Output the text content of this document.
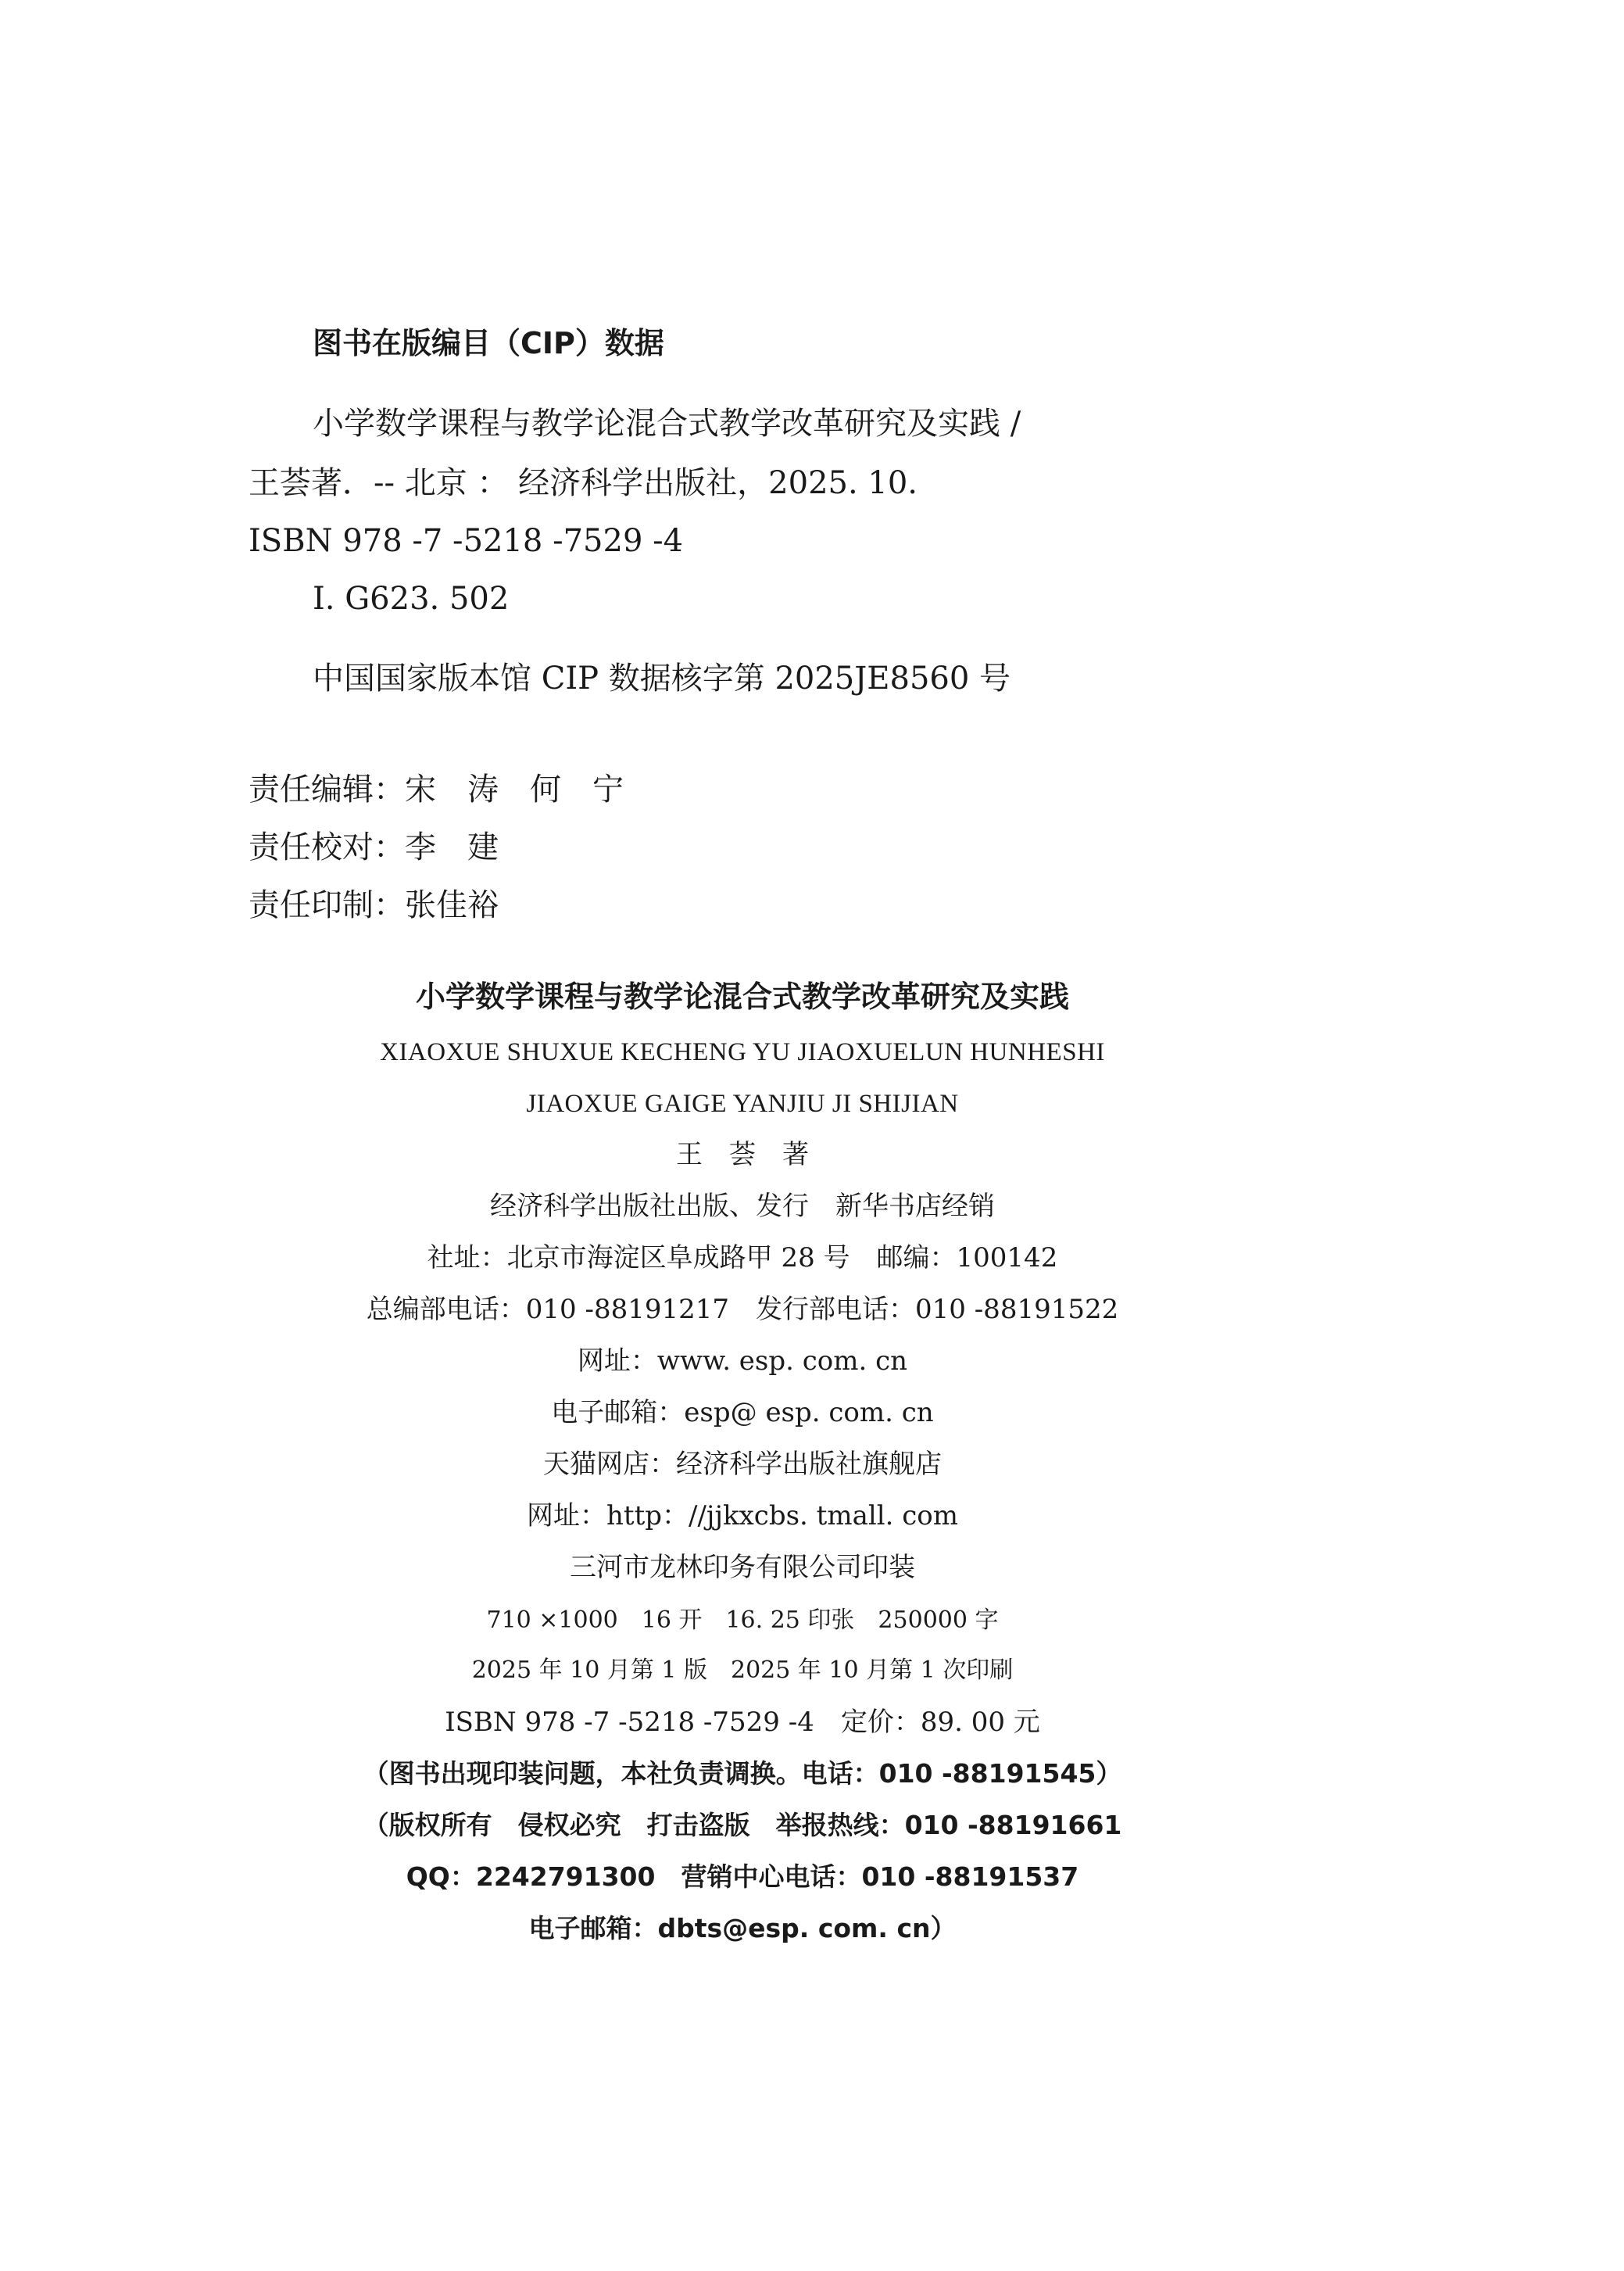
图书在版编目（CIP）数据
小学数学课程与教学论混合式教学改革研究及实践 /
王荟著．-- 北京 ： 经济科学出版社，2025. 10.
ISBN 978 -7 -5218 -7529 -4
Ⅰ. G623. 502
中国国家版本馆 CIP 数据核字第 2025JE8560 号
责任编辑：宋　涛　何　宁
责任校对：李　建
责任印制：张佳裕
小学数学课程与教学论混合式教学改革研究及实践
XIAOXUE SHUXUE KECHENG YU JIAOXUELUN HUNHESHI
JIAOXUE GAIGE YANJIU JI SHIJIAN
王　荟　著
经济科学出版社出版、发行　新华书店经销
社址：北京市海淀区阜成路甲 28 号　邮编：100142
总编部电话：010 -88191217　发行部电话：010 -88191522
网址：www. esp. com. cn
电子邮箱：esp@ esp. com. cn
天猫网店：经济科学出版社旗舰店
网址：http：//jjkxcbs. tmall. com
三河市龙林印务有限公司印装
710 ×1000　16 开　16. 25 印张　250000 字
2025 年 10 月第 1 版　2025 年 10 月第 1 次印刷
ISBN 978 -7 -5218 -7529 -4　定价：89. 00 元
（图书出现印装问题，本社负责调换。电话：010 -88191545）
（版权所有　侵权必究　打击盗版　举报热线：010 -88191661
QQ：2242791300　营销中心电话：010 -88191537
电子邮箱：dbts@esp. com. cn）
